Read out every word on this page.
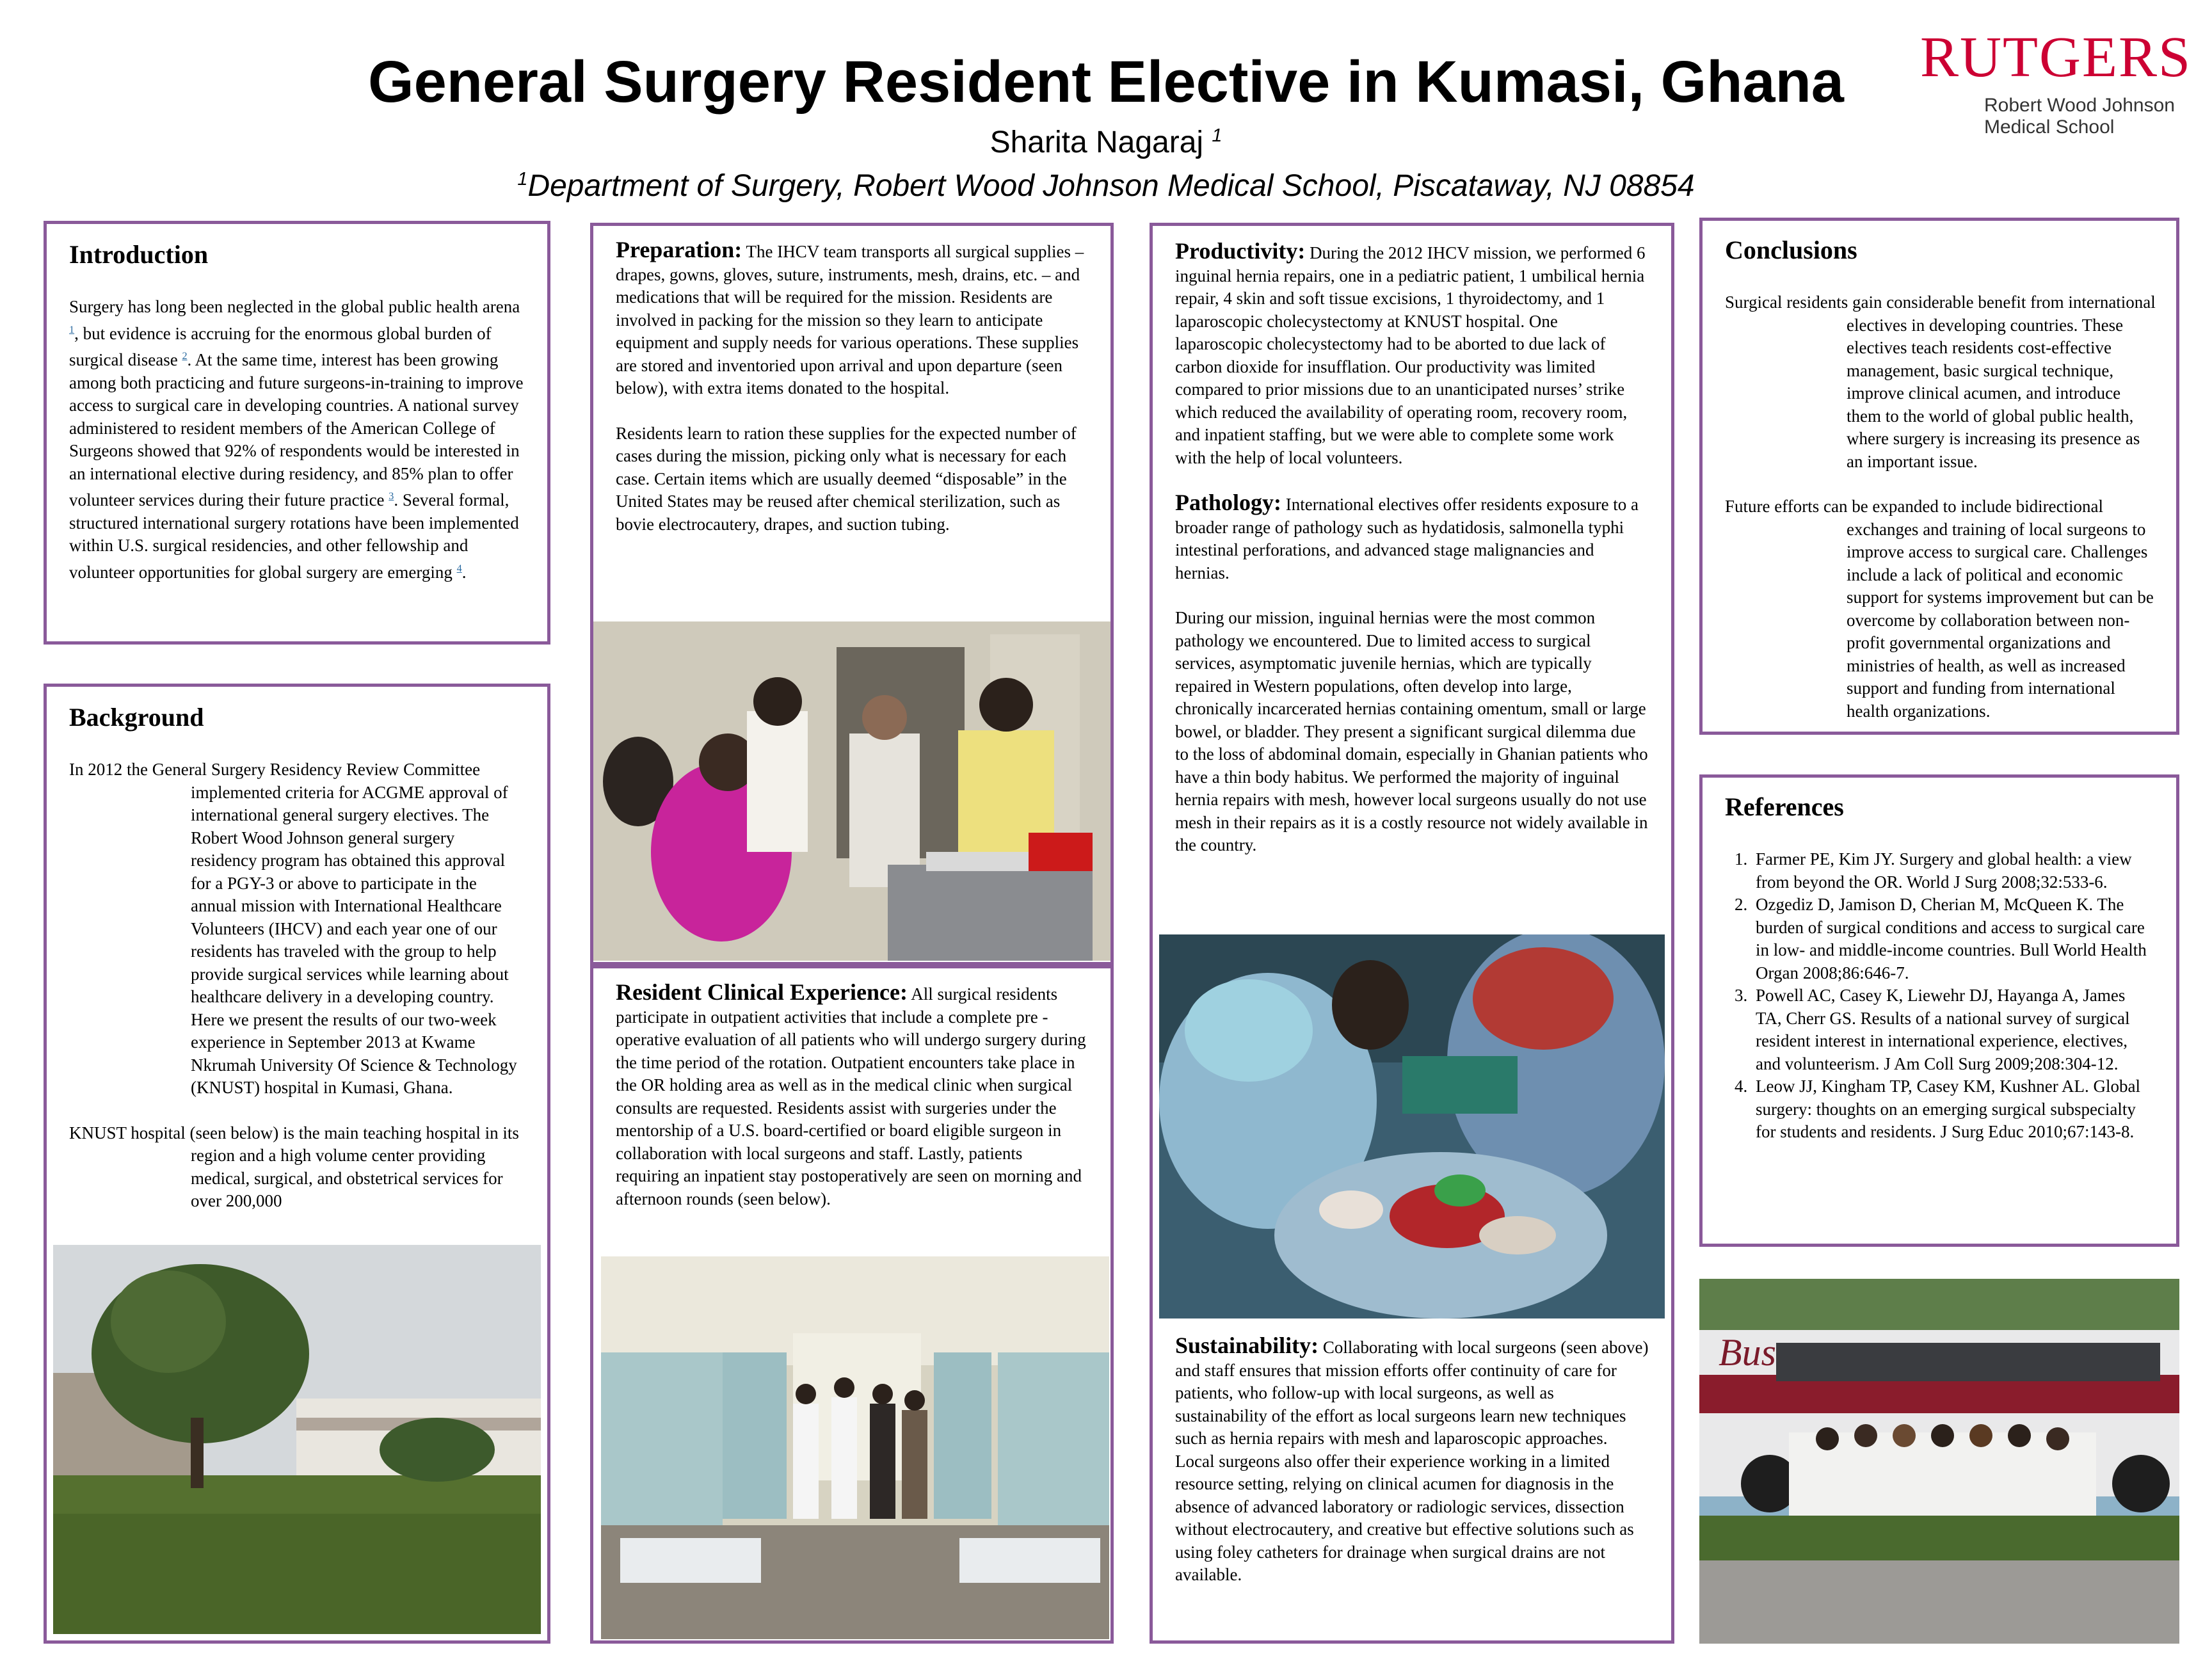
General Surgery Resident Elective in Kumasi, Ghana
Sharita Nagaraj $^1$
$^1$Department of Surgery, Robert Wood Johnson Medical School, Piscataway, NJ 08854
RUTGERS
Robert Wood Johnson
Medical School
Introduction

Surgery has long been neglected in the global public health arena $^1$, but evidence is accruing for the enormous global burden of surgical disease $^2$. At the same time, interest has been growing among both practicing and future surgeons-in-training to improve access to surgical care in developing countries. A national survey administered to resident members of the American College of Surgeons showed that 92% of respondents would be interested in an international elective during residency, and 85% plan to offer volunteer services during their future practice $^3$. Several formal, structured international surgery rotations have been implemented within U.S. surgical residencies, and other fellowship and volunteer opportunities for global surgery are emerging $^4$.

Background

In 2012 the General Surgery Residency Review Committee implemented criteria for ACGME approval of international general surgery electives. The Robert Wood Johnson general surgery residency program has obtained this approval for a PGY-3 or above to participate in the annual mission with International Healthcare Volunteers (IHCV) and each year one of our residents has traveled with the group to help provide surgical services while learning about healthcare delivery in a developing country. Here we present the results of our two-week experience in September 2013 at Kwame Nkrumah University Of Science & Technology (KNUST) hospital in Kumasi, Ghana.

KNUST hospital (seen below) is the main teaching hospital in its region and a high volume center providing medical, surgical, and obstetrical services for over 200,000

Preparation: The IHCV team transports all surgical supplies – drapes, gowns, gloves, suture, instruments, mesh, drains, etc. – and medications that will be required for the mission. Residents are involved in packing for the mission so they learn to anticipate equipment and supply needs for various operations. These supplies are stored and inventoried upon arrival and upon departure (seen below), with extra items donated to the hospital.

Residents learn to ration these supplies for the expected number of cases during the mission, picking only what is necessary for each case. Certain items which are usually deemed “disposable” in the United States may be reused after chemical sterilization, such as bovie electrocautery, drapes, and suction tubing.

Resident Clinical Experience: All surgical residents participate in outpatient activities that include a complete pre -operative evaluation of all patients who will undergo surgery during the time period of the rotation. Outpatient encounters take place in the OR holding area as well as in the medical clinic when surgical consults are requested. Residents assist with surgeries under the mentorship of a U.S. board-certified or board eligible surgeon in collaboration with local surgeons and staff. Lastly, patients requiring an inpatient stay postoperatively are seen on morning and afternoon rounds (seen below).

Productivity: During the 2012 IHCV mission, we performed 6 inguinal hernia repairs, one in a pediatric patient, 1 umbilical hernia repair, 4 skin and soft tissue excisions, 1 thyroidectomy, and 1 laparoscopic cholecystectomy at KNUST hospital. One laparoscopic cholecystectomy had to be aborted to due lack of carbon dioxide for insufflation. Our productivity was limited compared to prior missions due to an unanticipated nurses’ strike which reduced the availability of operating room, recovery room, and inpatient staffing, but we were able to complete some work with the help of local volunteers.

Pathology: International electives offer residents exposure to a broader range of pathology such as hydatidosis, salmonella typhi intestinal perforations, and advanced stage malignancies and hernias.

During our mission, inguinal hernias were the most common pathology we encountered. Due to limited access to surgical services, asymptomatic juvenile hernias, which are typically repaired in Western populations, often develop into large, chronically incarcerated hernias containing omentum, small or large bowel, or bladder. They present a significant surgical dilemma due to the loss of abdominal domain, especially in Ghanian patients who have a thin body habitus. We performed the majority of inguinal hernia repairs with mesh, however local surgeons usually do not use mesh in their repairs as it is a costly resource not widely available in the country.

Sustainability: Collaborating with local surgeons (seen above) and staff ensures that mission efforts offer continuity of care for patients, who follow-up with local surgeons, as well as sustainability of the effort as local surgeons learn new techniques such as hernia repairs with mesh and laparoscopic approaches. Local surgeons also offer their experience working in a limited resource setting, relying on clinical acumen for diagnosis in the absence of advanced laboratory or radiologic services, dissection without electrocautery, and creative but effective solutions such as using foley catheters for drainage when surgical drains are not available.

Conclusions

Surgical residents gain considerable benefit from international electives in developing countries. These electives teach residents cost-effective management, basic surgical technique, improve clinical acumen, and introduce them to the world of global public health, where surgery is increasing its presence as an important issue.

Future efforts can be expanded to include bidirectional exchanges and training of local surgeons to improve access to surgical care. Challenges include a lack of political and economic support for systems improvement but can be overcome by collaboration between non-profit governmental organizations and ministries of health, as well as increased support and funding from international health organizations.

References
1. Farmer PE, Kim JY. Surgery and global health: a view from beyond the OR. World J Surg 2008;32:533-6.
2. Ozgediz D, Jamison D, Cherian M, McQueen K. The burden of surgical conditions and access to surgical care in low- and middle-income countries. Bull World Health Organ 2008;86:646-7.
3. Powell AC, Casey K, Liewehr DJ, Hayanga A, James TA, Cherr GS. Results of a national survey of surgical resident interest in international experience, electives, and volunteerism. J Am Coll Surg 2009;208:304-12.
4. Leow JJ, Kingham TP, Casey KM, Kushner AL. Global surgery: thoughts on an emerging surgical subspecialty for students and residents. J Surg Educ 2010;67:143-8.
Bus
